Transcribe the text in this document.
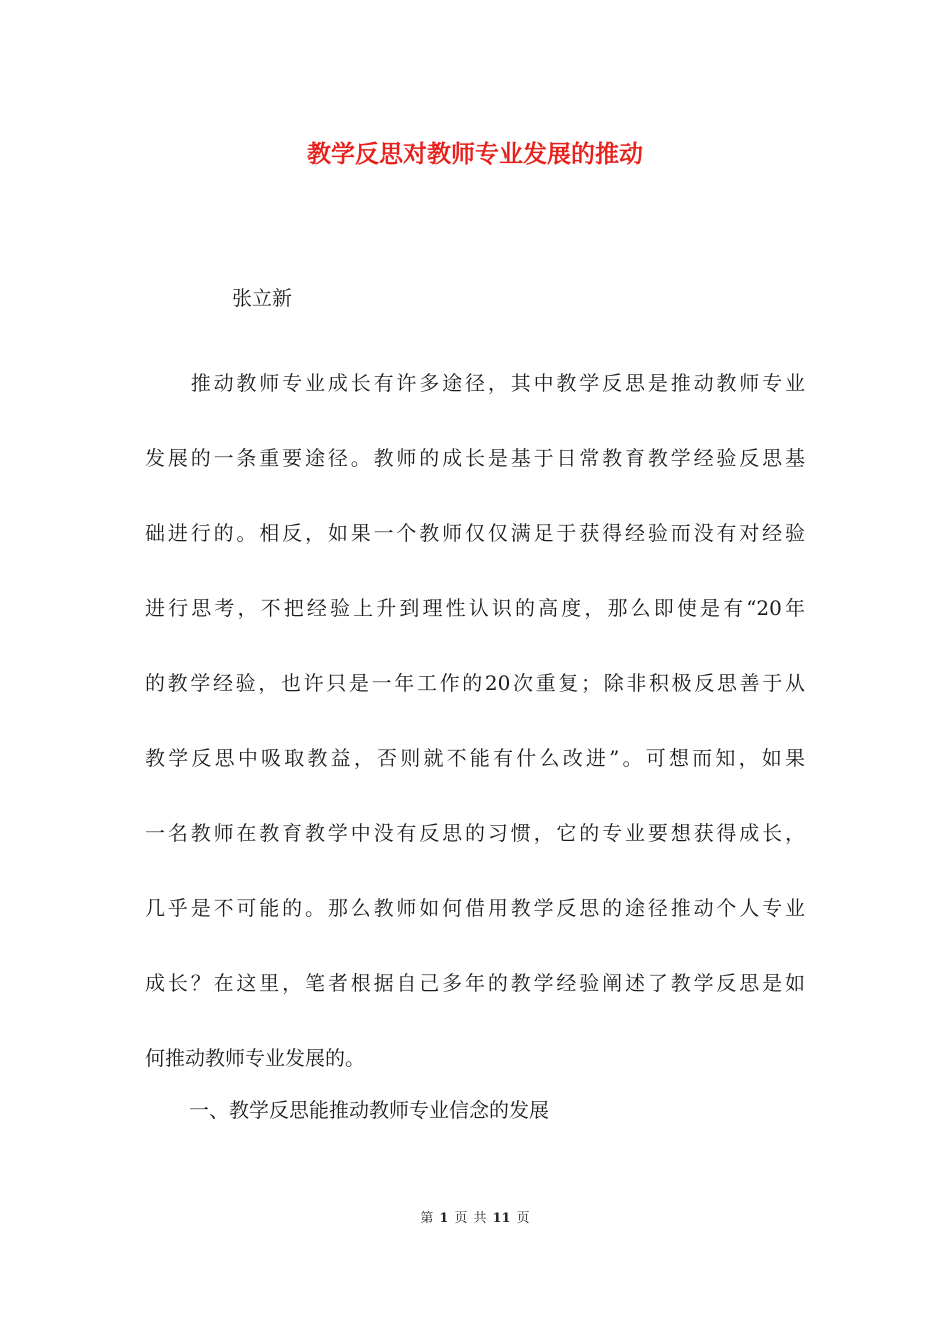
教学反思对教师专业发展的推动
张立新
　　推动教师专业成长有许多途径，其中教学反思是推动教师专业
发展的一条重要途径。教师的成长是基于日常教育教学经验反思基
础进行的。相反，如果一个教师仅仅满足于获得经验而没有对经验
进行思考，不把经验上升到理性认识的高度，那么即使是有“20年
的教学经验，也许只是一年工作的20次重复；除非积极反思善于从
教学反思中吸取教益，否则就不能有什么改进”。可想而知，如果
一名教师在教育教学中没有反思的习惯，它的专业要想获得成长，
几乎是不可能的。那么教师如何借用教学反思的途径推动个人专业
成长？在这里，笔者根据自己多年的教学经验阐述了教学反思是如
何推动教师专业发展的。
一、教学反思能推动教师专业信念的发展
第 1 页 共 11 页
